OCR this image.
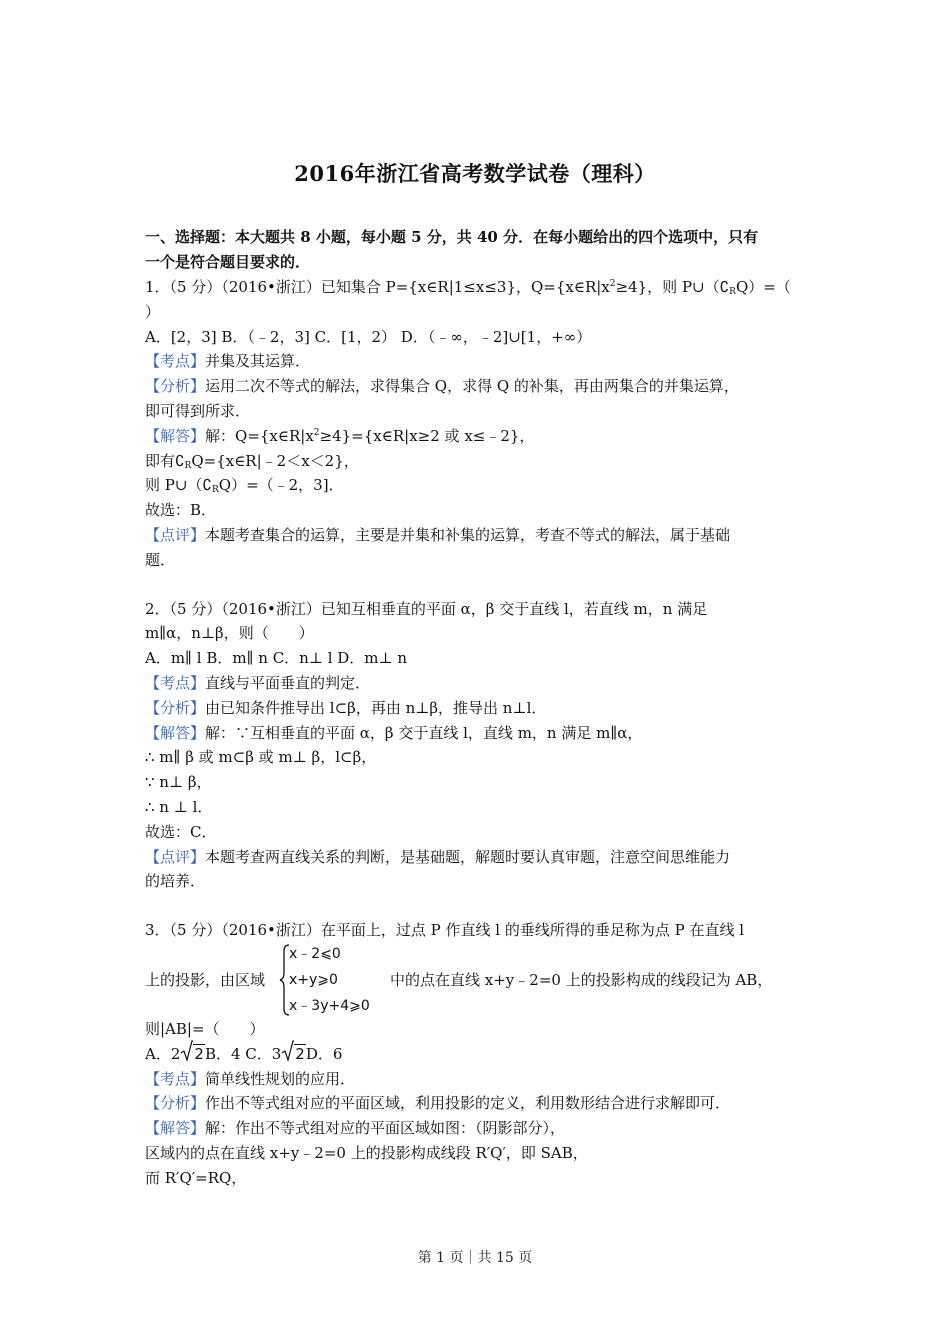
2016年浙江省高考数学试卷（理科）
一、选择题：本大题共 8 小题，每小题 5 分，共 40 分．在每小题给出的四个选项中，只有
一个是符合题目要求的．
1．（5 分）（2016•浙江）已知集合 P={x∈R|1≤x≤3}，$Q=\{x\in R|x^2\ge 4\}$，则 $P\cup(∁_RQ)=$（
）
A．[2，3] B．（﹣2，3] C．[1，2） D．（﹣∞，﹣2]∪[1，+∞）
【考点】并集及其运算．
【分析】运用二次不等式的解法，求得集合 Q，求得 Q 的补集，再由两集合的并集运算，
即可得到所求．
【解答】解：$Q=\{x\in R|x^2\ge 4\}=\{x\in R|x\ge 2$ 或 x≤﹣2}，
即有$∁_RQ=\{x\in R|﹣2<x<2\}$，
则 $P\cup(∁_RQ)=(﹣2$，3]．
故选：B．
【点评】本题考查集合的运算，主要是并集和补集的运算，考查不等式的解法，属于基础
题．
2．（5 分）（2016•浙江）已知互相垂直的平面 α，β 交于直线 l，若直线 m，n 满足
m∥α，n⊥β，则（　　）
A．m∥ l B．m∥ n C．n⊥ l D．m⊥ n
【考点】直线与平面垂直的判定．
【分析】由已知条件推导出 l⊂β，再由 n⊥β，推导出 n⊥l．
【解答】解：∵互相垂直的平面 α，β 交于直线 l，直线 m，n 满足 m∥α，
∴ m∥ β 或 m⊂β 或 m⊥ β，l⊂β，
∵ n⊥ β，
∴ n ⊥ l．
故选：C．
【点评】本题考查两直线关系的判断，是基础题，解题时要认真审题，注意空间思维能力
的培养．
3．（5 分）（2016•浙江）在平面上，过点 P 作直线 l 的垂线所得的垂足称为点 P 在直线 l
上的投影，由区域
x﹣2⩽0
x+y⩾0
x﹣3y+4⩾0
中的点在直线 x+y﹣2=0 上的投影构成的线段记为 AB，
则|AB|=（　　）
A．2 2B．4 C．3 2D．6
【考点】简单线性规划的应用．
【分析】作出不等式组对应的平面区域，利用投影的定义，利用数形结合进行求解即可．
【解答】解：作出不等式组对应的平面区域如图：（阴影部分），
区域内的点在直线 x+y﹣2=0 上的投影构成线段 R′Q′，即 SAB，
而 R′Q′=RQ，
第 1 页｜共 15 页
